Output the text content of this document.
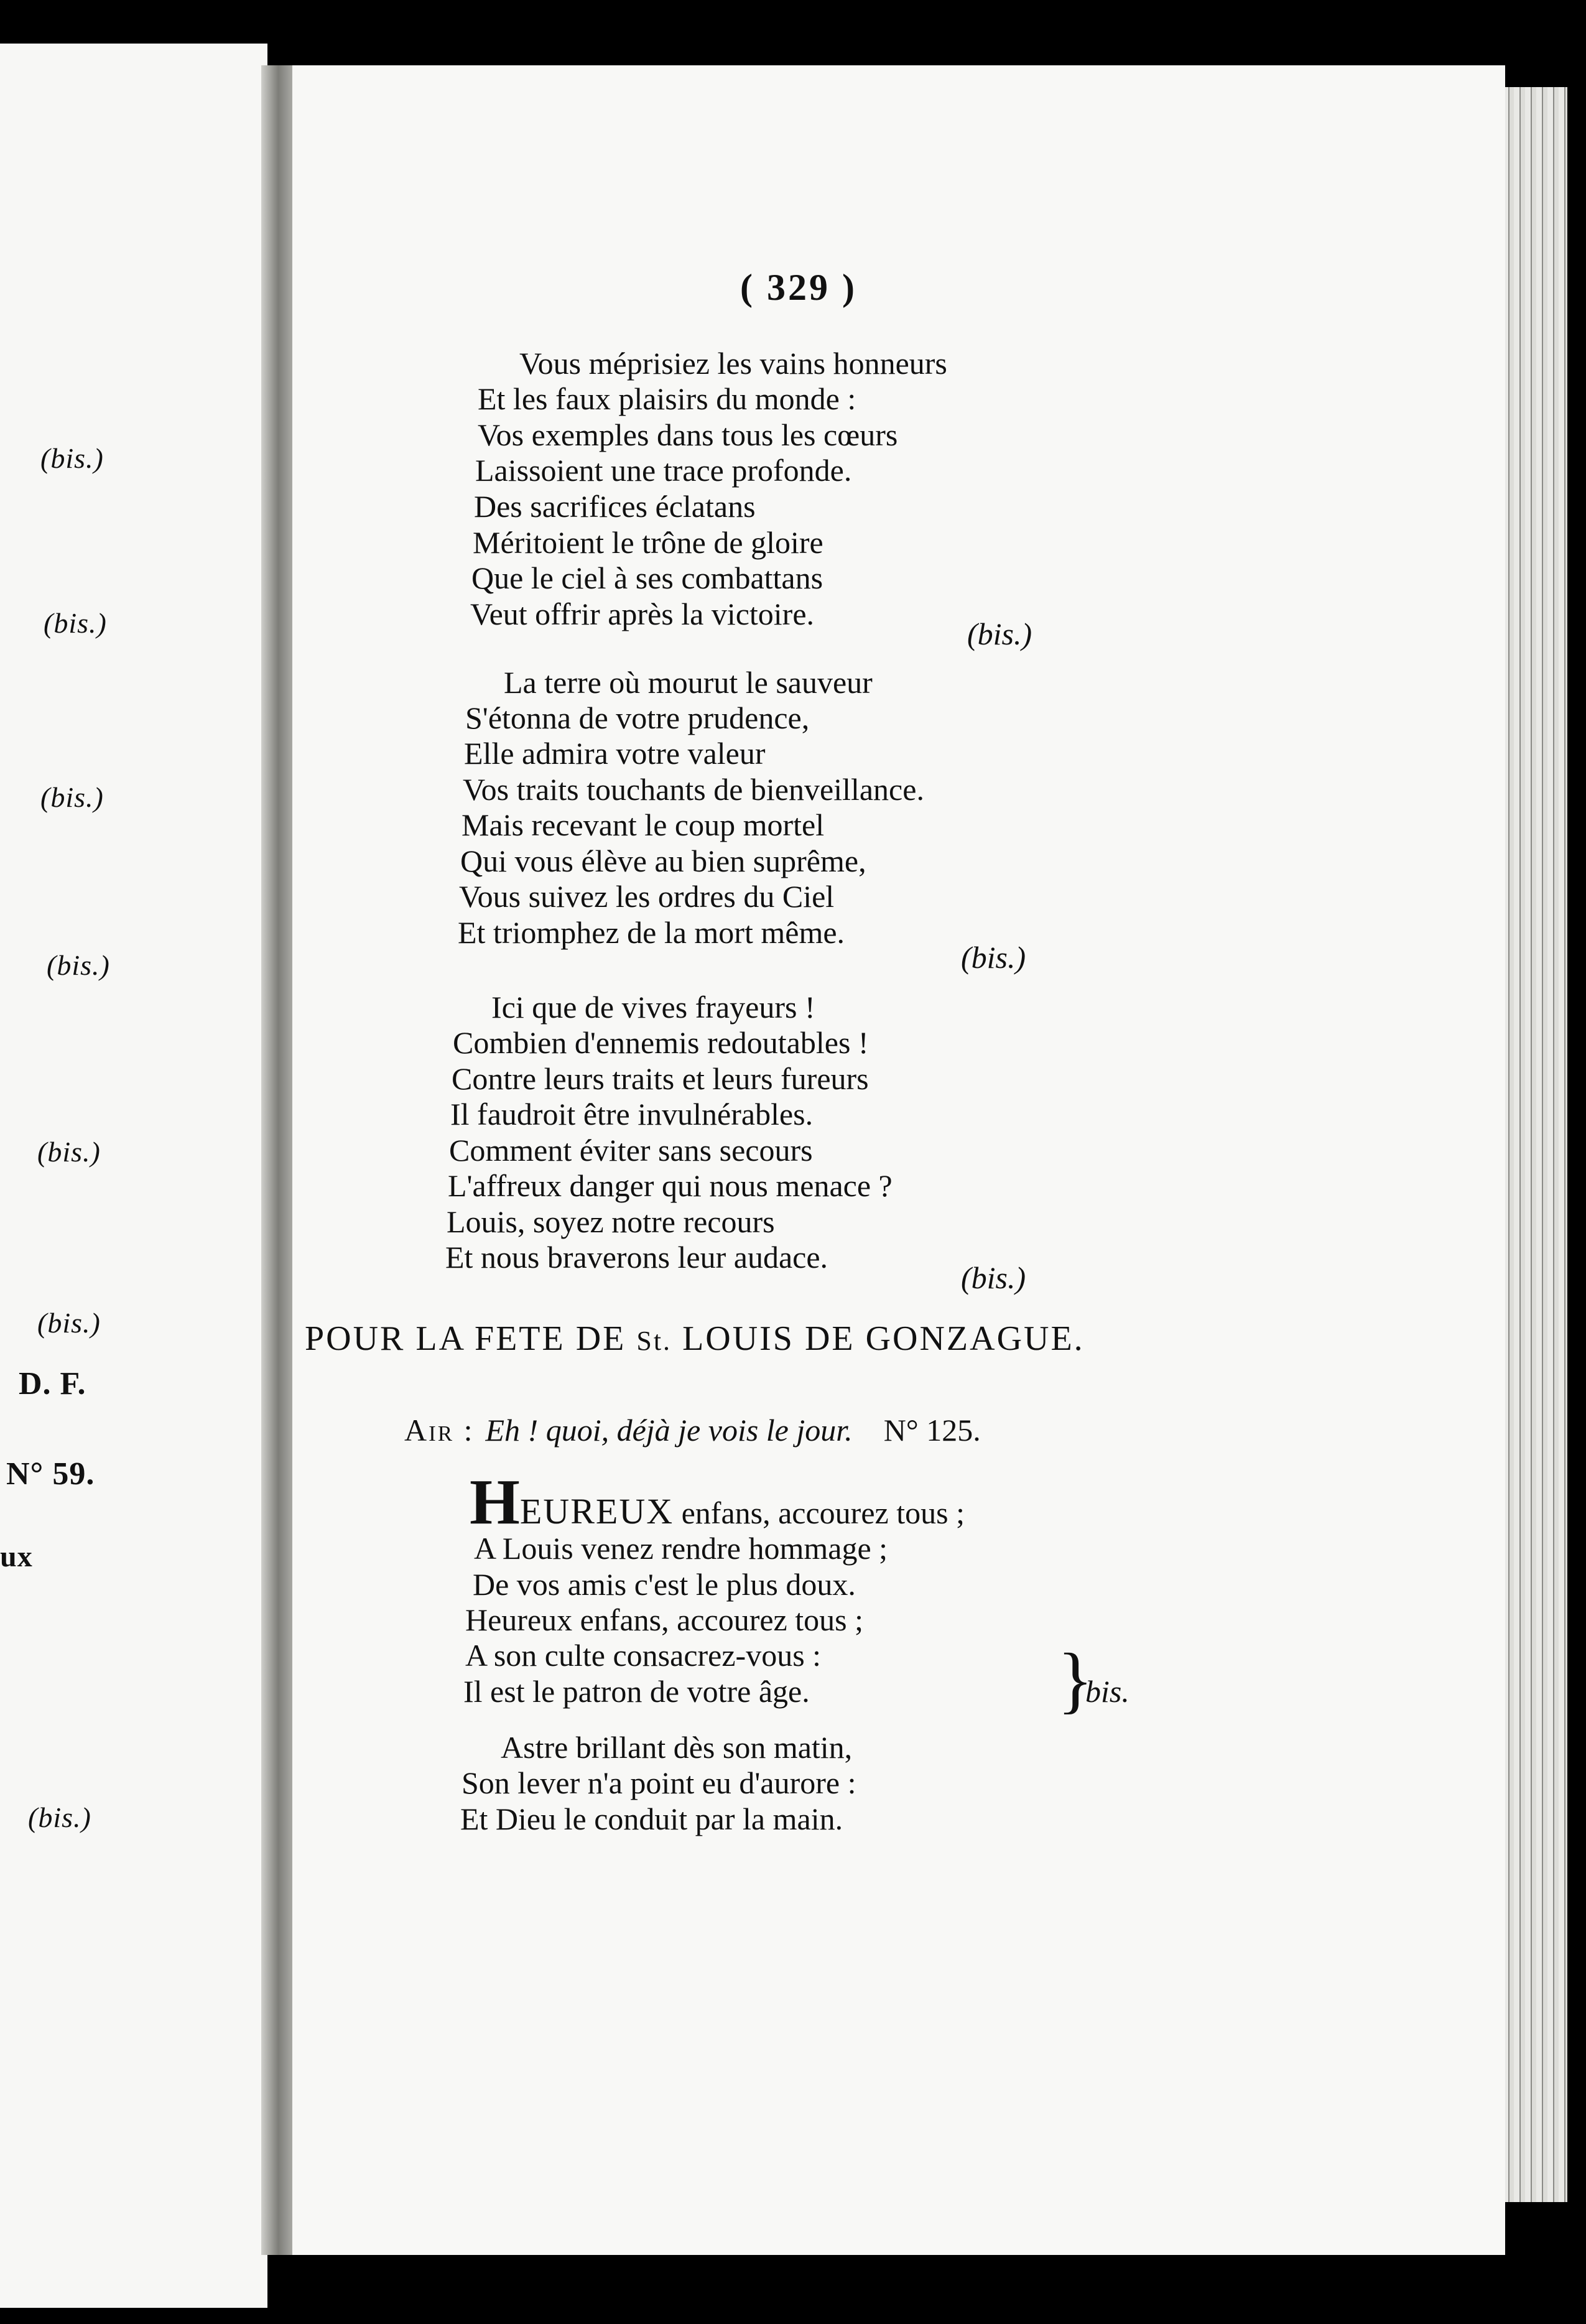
(bis.)
(bis.)
(bis.)
(bis.)
(bis.)
(bis.)
D. F.
N° 59.
ux
(bis.)
( 329 )
Vous méprisiez les vains honneurs
Et les faux plaisirs du monde :
Vos exemples dans tous les cœurs
Laissoient une trace profonde.
Des sacrifices éclatans
Méritoient le trône de gloire
Que le ciel à ses combattans
Veut offrir après la victoire.
(bis.)
La terre où mourut le sauveur
S'étonna de votre prudence,
Elle admira votre valeur
Vos traits touchants de bienveillance.
Mais recevant le coup mortel
Qui vous élève au bien suprême,
Vous suivez les ordres du Ciel
Et triomphez de la mort même.
(bis.)
Ici que de vives frayeurs !
Combien d'ennemis redoutables !
Contre leurs traits et leurs fureurs
Il faudroit être invulnérables.
Comment éviter sans secours
L'affreux danger qui nous menace ?
Louis, soyez notre recours
Et nous braverons leur audace.
(bis.)
POUR LA FETE DE St. LOUIS DE GONZAGUE.
Air : Eh ! quoi, déjà je vois le jour. N° 125.
HEUREUX enfans, accourez tous ;
A Louis venez rendre hommage ;
De vos amis c'est le plus doux.
Heureux enfans, accourez tous ;
A son culte consacrez-vous :
Il est le patron de votre âge.	}
bis.
Astre brillant dès son matin,
Son lever n'a point eu d'aurore :
Et Dieu le conduit par la main.
